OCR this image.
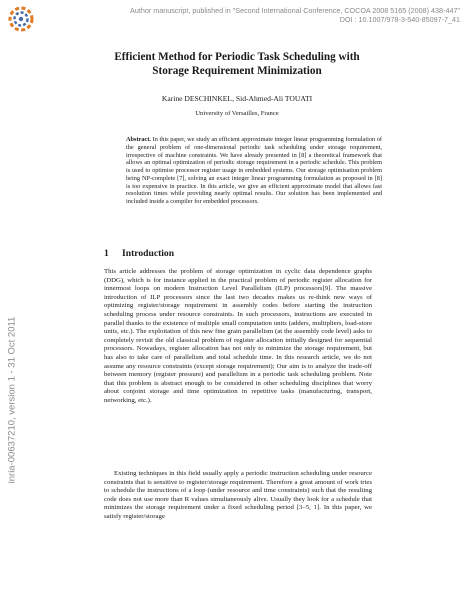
Author manuscript, published in "Second International Conference, COCOA 2008 5165 (2008) 438-447"
DOI : 10.1007/978-3-540-85097-7_41
inria-00637210, version 1 - 31 Oct 2011
Efficient Method for Periodic Task Scheduling with
Storage Requirement Minimization
Karine DESCHINKEL, Sid-Ahmed-Ali TOUATI
University of Versailles, France
Abstract. In this paper, we study an efficient approximate integer linear programming formulation of the general problem of one-dimensional periodic task scheduling under storage requirement, irrespective of machine constraints. We have already presented in [8] a theoretical framework that allows an optimal optimization of periodic storage requirement in a periodic schedule. This problem is used to optimise processor register usage in embedded systems. Our storage optimisation problem being NP-complete [7], solving an exact integer linear programming formulation as proposed in [8] is too expensive in practice. In this article, we give an efficient approximate model that allows fast resolution times while providing nearly optimal results. Our solution has been implemented and included inside a compiler for embedded processors.
1 Introduction
This article addresses the problem of storage optimization in cyclic data dependence graphs (DDG), which is for instance applied in the practical problem of periodic register allocation for innermost loops on modern Instruction Level Parallelism (ILP) processors[9]. The massive introduction of ILP processors since the last two decades makes us re-think new ways of optimizing register/storage requirement in assembly codes before starting the instruction scheduling process under resource constraints. In such processors, instructions are executed in parallel thanks to the existence of multiple small computation units (adders, multipliers, load-store units, etc.). The exploitation of this new fine grain parallelism (at the assembly code level) asks to completely revisit the old classical problem of register allocation initially designed for sequential processors. Nowadays, register allocation has not only to minimize the storage requirement, but has also to take care of parallelism and total schedule time. In this research article, we do not assume any resource constraints (except storage requirement); Our aim is to analyze the trade-off between memory (register pressure) and parallelism in a periodic task scheduling problem. Note that this problem is abstract enough to be considered in other scheduling disciplines that worry about conjoint storage and time optimization in repetitive tasks (manufacturing, transport, networking, etc.).
Existing techniques in this field usually apply a periodic instruction scheduling under resource constraints that is sensitive to register/storage requirement. Therefore a great amount of work tries to schedule the instructions of a loop (under resource and time constraints) such that the resulting code does not use more than R values simultaneously alive. Usually they look for a schedule that minimizes the storage requirement under a fixed scheduling period [3–5, 1]. In this paper, we satisfy register/storage
